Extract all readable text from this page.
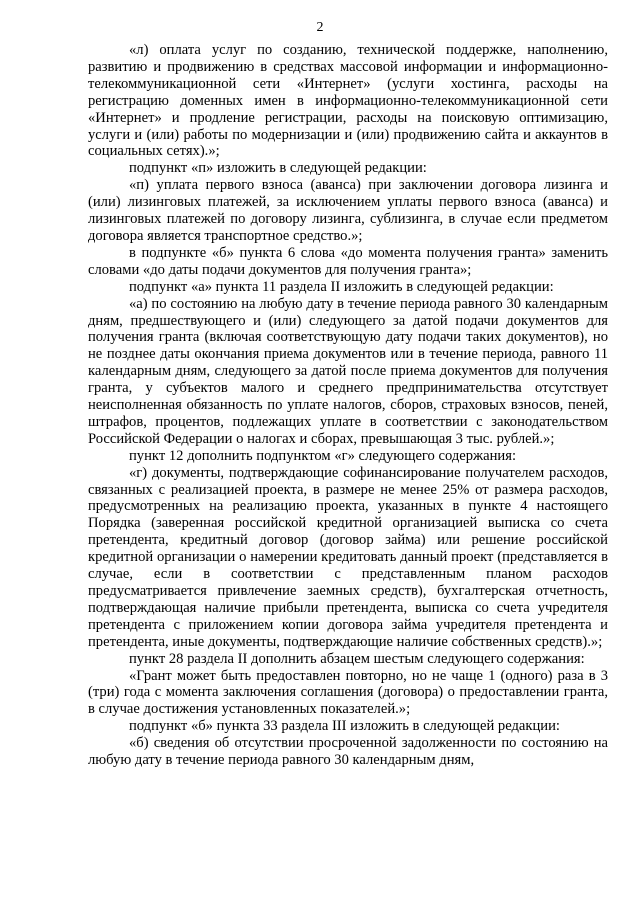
2

«л) оплата услуг по созданию, технической поддержке, наполнению, развитию и продвижению в средствах массовой информации и информационно-телекоммуникационной сети «Интернет» (услуги хостинга, расходы на регистрацию доменных имен в информационно-телекоммуникационной сети «Интернет» и продление регистрации, расходы на поисковую оптимизацию, услуги и (или) работы по модернизации и (или) продвижению сайта и аккаунтов в социальных сетях).»;

подпункт «п» изложить в следующей редакции:

«п) уплата первого взноса (аванса) при заключении договора лизинга и (или) лизинговых платежей, за исключением уплаты первого взноса (аванса) и лизинговых платежей по договору лизинга, сублизинга, в случае если предметом договора является транспортное средство.»;

в подпункте «б» пункта 6 слова «до момента получения гранта» заменить словами «до даты подачи документов для получения гранта»;

подпункт «а» пункта 11 раздела II изложить в следующей редакции:

«а) по состоянию на любую дату в течение периода равного 30 календарным дням, предшествующего и (или) следующего за датой подачи документов для получения гранта (включая соответствующую дату подачи таких документов), но не позднее даты окончания приема документов или в течение периода, равного 11 календарным дням, следующего за датой после приема документов для получения гранта, у субъектов малого и среднего предпринимательства отсутствует неисполненная обязанность по уплате налогов, сборов, страховых взносов, пеней, штрафов, процентов, подлежащих уплате в соответствии с законодательством Российской Федерации о налогах и сборах, превышающая 3 тыс. рублей.»;

пункт 12 дополнить подпунктом «г» следующего содержания:

«г) документы, подтверждающие софинансирование получателем расходов, связанных с реализацией проекта, в размере не менее 25% от размера расходов, предусмотренных на реализацию проекта, указанных в пункте 4 настоящего Порядка (заверенная российской кредитной организацией выписка со счета претендента, кредитный договор (договор займа) или решение российской кредитной организации о намерении кредитовать данный проект (представляется в случае, если в соответствии с представленным планом расходов предусматривается привлечение заемных средств), бухгалтерская отчетность, подтверждающая наличие прибыли претендента, выписка со счета учредителя претендента с приложением копии договора займа учредителя претендента и претендента, иные документы, подтверждающие наличие собственных средств).»;

пункт 28 раздела II дополнить абзацем шестым следующего содержания:

«Грант может быть предоставлен повторно, но не чаще 1 (одного) раза в 3 (три) года с момента заключения соглашения (договора) о предоставлении гранта, в случае достижения установленных показателей.»;

подпункт «б» пункта 33 раздела III изложить в следующей редакции:

«б) сведения об отсутствии просроченной задолженности по состоянию на любую дату в течение периода равного 30 календарным дням,
